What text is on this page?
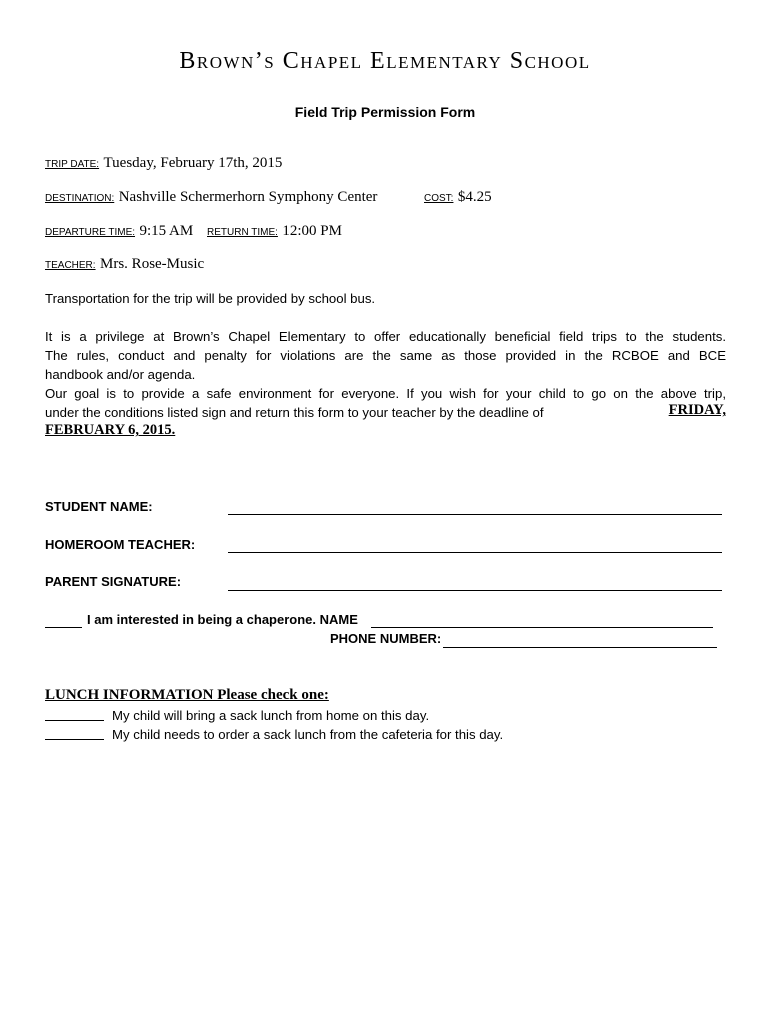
Brown’s Chapel Elementary School
Field Trip Permission Form
TRIP DATE: Tuesday, February 17th, 2015
DESTINATION: Nashville Schermerhorn Symphony Center	COST: $4.25
DEPARTURE TIME: 9:15 AM RETURN TIME: 12:00 PM
TEACHER: Mrs. Rose-Music
Transportation for the trip will be provided by school bus.
It is a privilege at Brown’s Chapel Elementary to offer educationally beneficial field trips to the students.
The rules, conduct and penalty for violations are the same as those provided in the RCBOE and BCE
handbook and/or agenda.
Our goal is to provide a safe environment for everyone. If you wish for your child to go on the above trip,
under the conditions listed sign and return this form to your teacher by the deadline of	FRIDAY,
FEBRUARY 6, 2015.
STUDENT NAME:
HOMEROOM TEACHER:
PARENT SIGNATURE:
I am interested in being a chaperone. NAME
PHONE NUMBER:
LUNCH INFORMATION Please check one:
My child will bring a sack lunch from home on this day.
My child needs to order a sack lunch from the cafeteria for this day.
